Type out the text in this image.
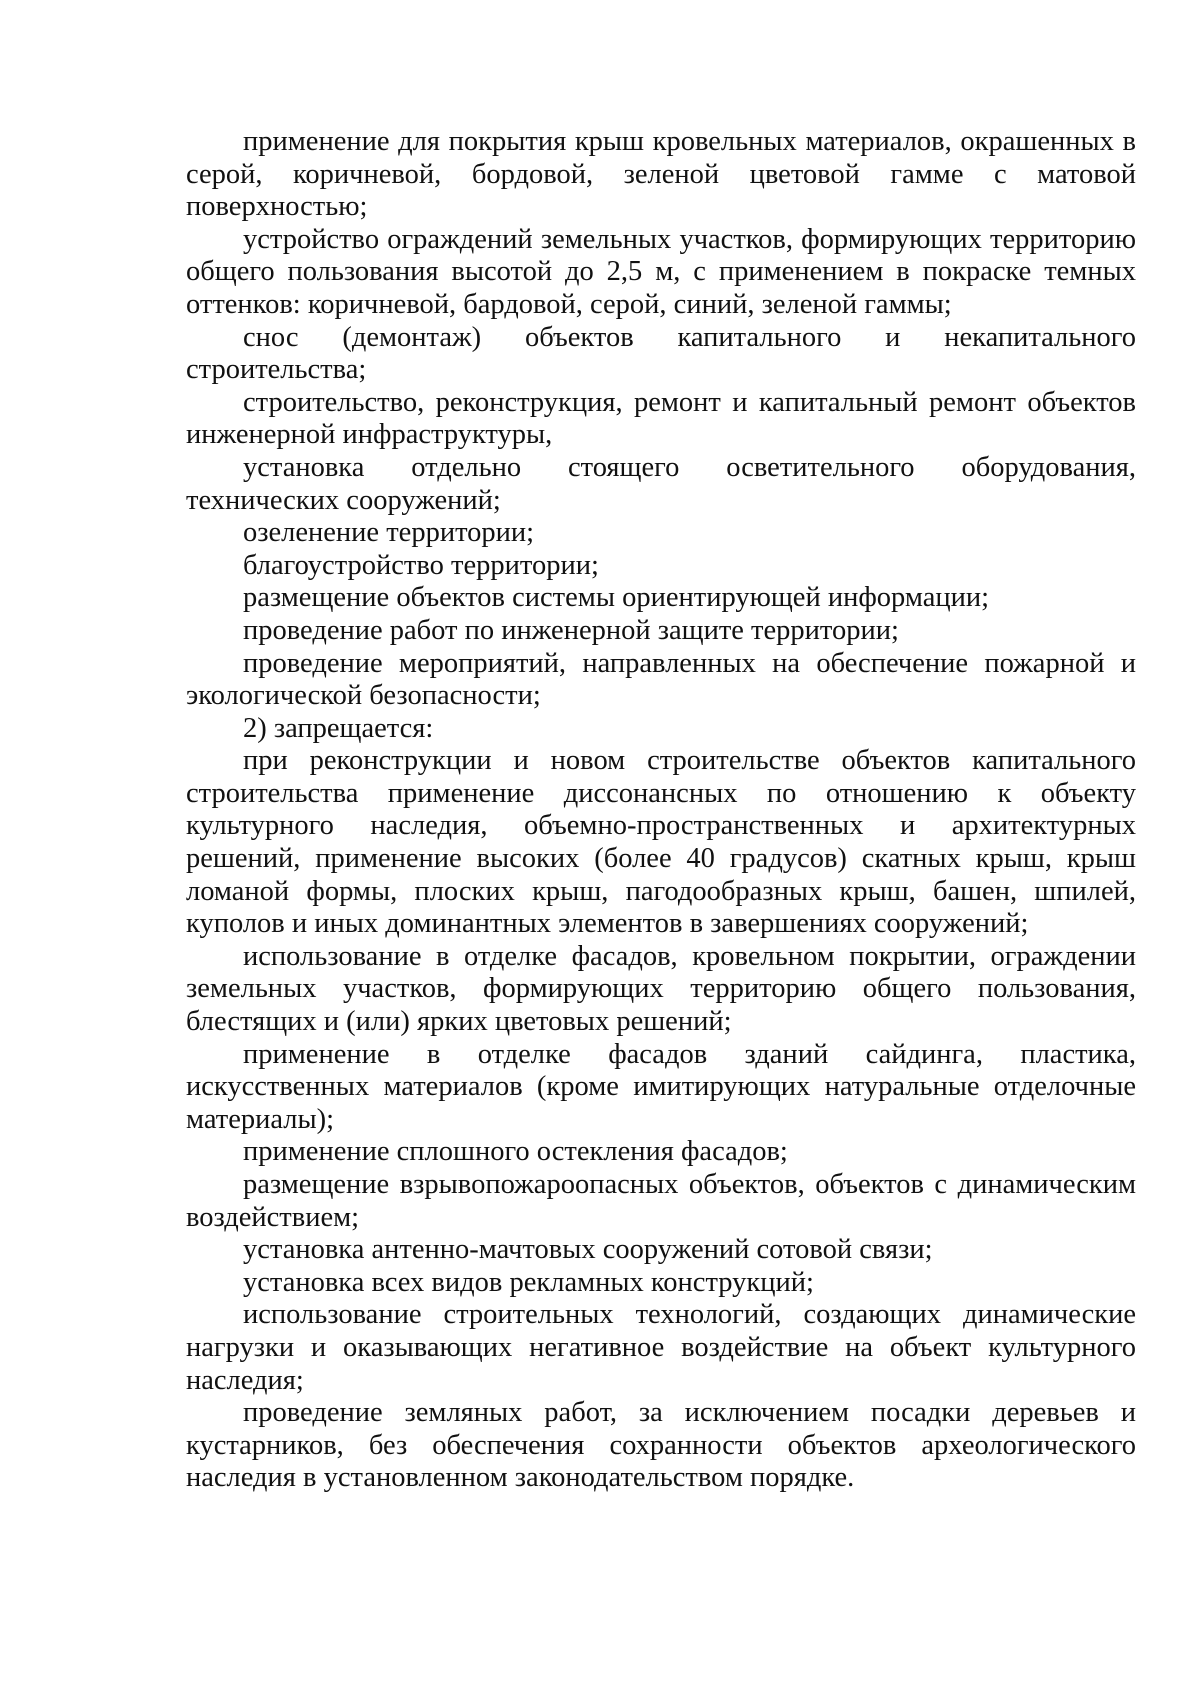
применение для покрытия крыш кровельных материалов, окрашенных в серой, коричневой, бордовой, зеленой цветовой гамме с матовой поверхностью;

устройство ограждений земельных участков, формирующих территорию общего пользования высотой до 2,5 м, с применением в покраске темных оттенков: коричневой, бардовой, серой, синий, зеленой гаммы;

снос (демонтаж) объектов капитального и некапитального строительства;

строительство, реконструкция, ремонт и капитальный ремонт объектов инженерной инфраструктуры,

установка отдельно стоящего осветительного оборудования, технических сооружений;

озеленение территории;

благоустройство территории;

размещение объектов системы ориентирующей информации;

проведение работ по инженерной защите территории;

проведение мероприятий, направленных на обеспечение пожарной и экологической безопасности;

2) запрещается:

при реконструкции и новом строительстве объектов капитального строительства применение диссонансных по отношению к объекту культурного наследия, объемно-пространственных и архитектурных решений, применение высоких (более 40 градусов) скатных крыш, крыш ломаной формы, плоских крыш, пагодообразных крыш, башен, шпилей, куполов и иных доминантных элементов в завершениях сооружений;

использование в отделке фасадов, кровельном покрытии, ограждении земельных участков, формирующих территорию общего пользования, блестящих и (или) ярких цветовых решений;

применение в отделке фасадов зданий сайдинга, пластика, искусственных материалов (кроме имитирующих натуральные отделочные материалы);

применение сплошного остекления фасадов;

размещение взрывопожароопасных объектов, объектов с динамическим воздействием;

установка антенно-мачтовых сооружений сотовой связи;

установка всех видов рекламных конструкций;

использование строительных технологий, создающих динамические нагрузки и оказывающих негативное воздействие на объект культурного наследия;

проведение земляных работ, за исключением посадки деревьев и кустарников, без обеспечения сохранности объектов археологического наследия в установленном законодательством порядке.
